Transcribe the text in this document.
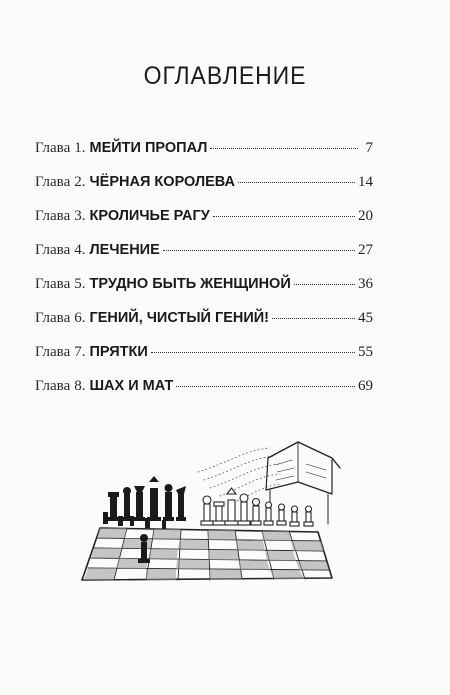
ОГЛАВЛЕНИЕ
Глава 1. МЕЙТИ ПРОПАЛ	7
Глава 2. ЧЁРНАЯ КОРОЛЕВА	14
Глава 3. КРОЛИЧЬЕ РАГУ	20
Глава 4. ЛЕЧЕНИЕ	27
Глава 5. ТРУДНО БЫТЬ ЖЕНЩИНОЙ	36
Глава 6. ГЕНИЙ, ЧИСТЫЙ ГЕНИЙ!	45
Глава 7. ПРЯТКИ	55
Глава 8. ШАХ И МАТ	69
